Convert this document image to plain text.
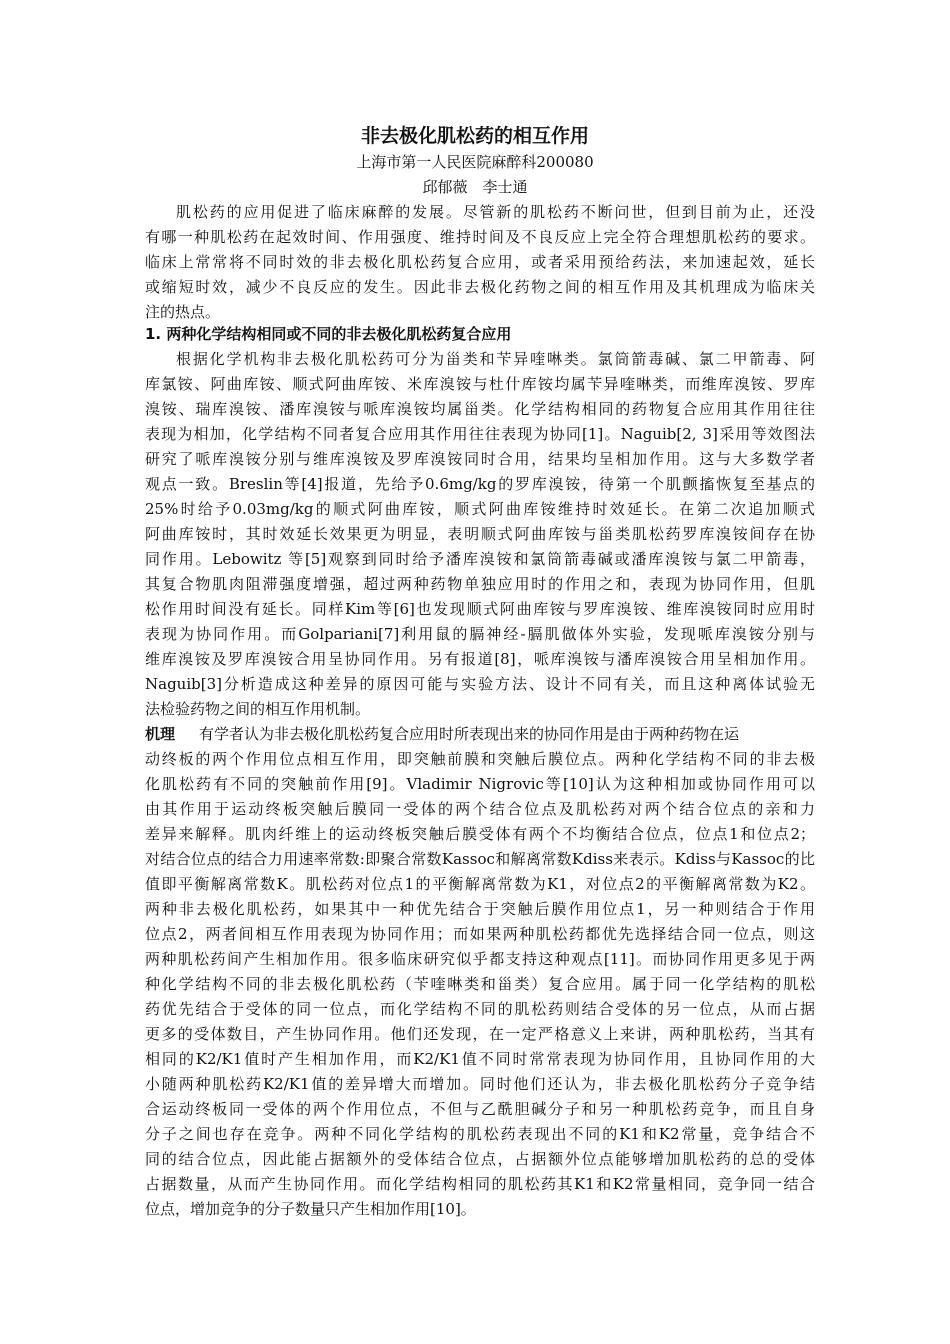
非去极化肌松药的相互作用
上海市第一人民医院麻醉科200080
邱郁薇　李士通
肌松药的应用促进了临床麻醉的发展。尽管新的肌松药不断问世，但到目前为止，还没
有哪一种肌松药在起效时间、作用强度、维持时间及不良反应上完全符合理想肌松药的要求。
临床上常常将不同时效的非去极化肌松药复合应用，或者采用预给药法，来加速起效，延长
或缩短时效，减少不良反应的发生。因此非去极化药物之间的相互作用及其机理成为临床关
注的热点。
1. 两种化学结构相同或不同的非去极化肌松药复合应用
根据化学机构非去极化肌松药可分为甾类和苄异喹啉类。氯筒箭毒碱、氯二甲箭毒、阿
库氯铵、阿曲库铵、顺式阿曲库铵、米库溴铵与杜什库铵均属苄异喹啉类，而维库溴铵、罗库
溴铵、瑞库溴铵、潘库溴铵与哌库溴铵均属甾类。化学结构相同的药物复合应用其作用往往
表现为相加，化学结构不同者复合应用其作用往往表现为协同[1]。Naguib[2, 3]采用等效图法
研究了哌库溴铵分别与维库溴铵及罗库溴铵同时合用，结果均呈相加作用。这与大多数学者
观点一致。Breslin等[4]报道，先给予0.6mg/kg的罗库溴铵，待第一个肌颤搐恢复至基点的
25%时给予0.03mg/kg的顺式阿曲库铵，顺式阿曲库铵维持时效延长。在第二次追加顺式
阿曲库铵时，其时效延长效果更为明显，表明顺式阿曲库铵与甾类肌松药罗库溴铵间存在协
同作用。Lebowitz 等[5]观察到同时给予潘库溴铵和氯筒箭毒碱或潘库溴铵与氯二甲箭毒，
其复合物肌肉阻滞强度增强，超过两种药物单独应用时的作用之和，表现为协同作用，但肌
松作用时间没有延长。同样Kim等[6]也发现顺式阿曲库铵与罗库溴铵、维库溴铵同时应用时
表现为协同作用。而Golpariani[7]利用鼠的膈神经-膈肌做体外实验，发现哌库溴铵分别与
维库溴铵及罗库溴铵合用呈协同作用。另有报道[8]，哌库溴铵与潘库溴铵合用呈相加作用。
Naguib[3]分析造成这种差异的原因可能与实验方法、设计不同有关，而且这种离体试验无
法检验药物之间的相互作用机制。
机理 有学者认为非去极化肌松药复合应用时所表现出来的协同作用是由于两种药物在运
动终板的两个作用位点相互作用，即突触前膜和突触后膜位点。两种化学结构不同的非去极
化肌松药有不同的突触前作用[9]。Vladimir Nigrovic等[10]认为这种相加或协同作用可以
由其作用于运动终板突触后膜同一受体的两个结合位点及肌松药对两个结合位点的亲和力
差异来解释。肌肉纤维上的运动终板突触后膜受体有两个不均衡结合位点，位点1和位点2；
对结合位点的结合力用速率常数:即聚合常数Kassoc和解离常数Kdiss来表示。Kdiss与Kassoc的比
值即平衡解离常数K。肌松药对位点1的平衡解离常数为K1，对位点2的平衡解离常数为K2。
两种非去极化肌松药，如果其中一种优先结合于突触后膜作用位点1，另一种则结合于作用
位点2，两者间相互作用表现为协同作用；而如果两种肌松药都优先选择结合同一位点，则这
两种肌松药间产生相加作用。很多临床研究似乎都支持这种观点[11]。而协同作用更多见于两
种化学结构不同的非去极化肌松药（苄喹啉类和甾类）复合应用。属于同一化学结构的肌松
药优先结合于受体的同一位点，而化学结构不同的肌松药则结合受体的另一位点，从而占据
更多的受体数目，产生协同作用。他们还发现，在一定严格意义上来讲，两种肌松药，当其有
相同的K2/K1值时产生相加作用，而K2/K1值不同时常常表现为协同作用，且协同作用的大
小随两种肌松药K2/K1值的差异增大而增加。同时他们还认为，非去极化肌松药分子竞争结
合运动终板同一受体的两个作用位点，不但与乙酰胆碱分子和另一种肌松药竞争，而且自身
分子之间也存在竞争。两种不同化学结构的肌松药表现出不同的K1和K2常量，竞争结合不
同的结合位点，因此能占据额外的受体结合位点，占据额外位点能够增加肌松药的总的受体
占据数量，从而产生协同作用。而化学结构相同的肌松药其K1和K2常量相同，竞争同一结合
位点，增加竞争的分子数量只产生相加作用[10]。
